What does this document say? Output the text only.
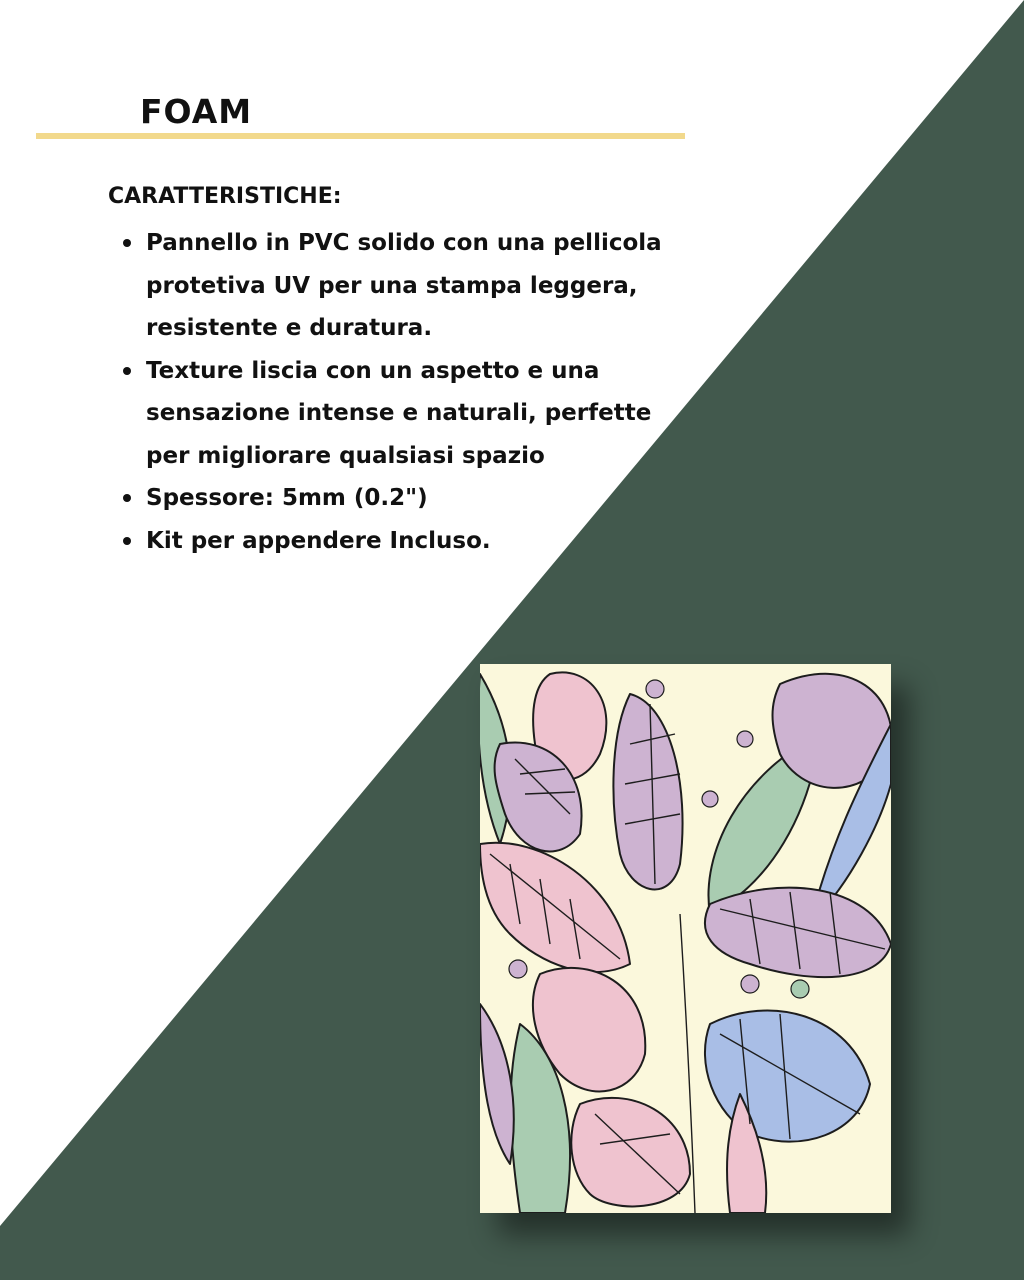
FOAM

CARATTERISTICHE:

Pannello in PVC solido con una pellicola protetiva UV per una stampa leggera, resistente e duratura.
Texture liscia con un aspetto e una sensazione intense e naturali, perfette per migliorare qualsiasi spazio
Spessore: 5mm (0.2")
Kit per appendere Incluso.
